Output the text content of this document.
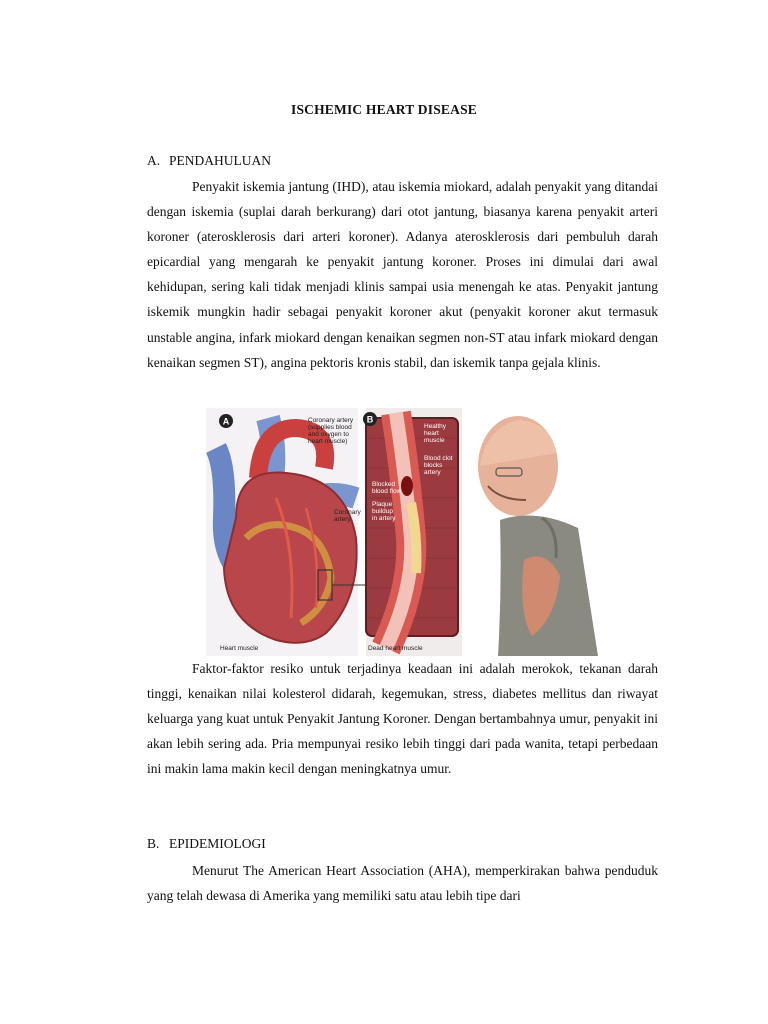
ISCHEMIC HEART DISEASE
A. PENDAHULUAN

Penyakit iskemia jantung (IHD), atau iskemia miokard, adalah penyakit yang ditandai dengan iskemia (suplai darah berkurang) dari otot jantung, biasanya karena penyakit arteri koroner (aterosklerosis dari arteri koroner). Adanya aterosklerosis dari pembuluh darah epicardial yang mengarah ke penyakit jantung koroner. Proses ini dimulai dari awal kehidupan, sering kali tidak menjadi klinis sampai usia menengah ke atas. Penyakit jantung iskemik mungkin hadir sebagai penyakit koroner akut (penyakit koroner akut termasuk unstable angina, infark miokard dengan kenaikan segmen non-ST atau infark miokard dengan kenaikan segmen ST), angina pektoris kronis stabil, dan iskemik tanpa gejala klinis.

A	Coronary artery (supplies blood and oxygen to heart muscle)
Coronary artery
Heart muscle
B
Healthy heart muscle
Blood clot blocks artery
Blocked blood flow
Plaque buildup in artery
Dead heart muscle

Faktor-faktor resiko untuk terjadinya keadaan ini adalah merokok, tekanan darah tinggi, kenaikan nilai kolesterol didarah, kegemukan, stress, diabetes mellitus dan riwayat keluarga yang kuat untuk Penyakit Jantung Koroner. Dengan bertambahnya umur, penyakit ini akan lebih sering ada. Pria mempunyai resiko lebih tinggi dari pada wanita, tetapi perbedaan ini makin lama makin kecil dengan meningkatnya umur.

B. EPIDEMIOLOGI

Menurut The American Heart Association (AHA), memperkirakan bahwa penduduk yang telah dewasa di Amerika yang memiliki satu atau lebih tipe dari
